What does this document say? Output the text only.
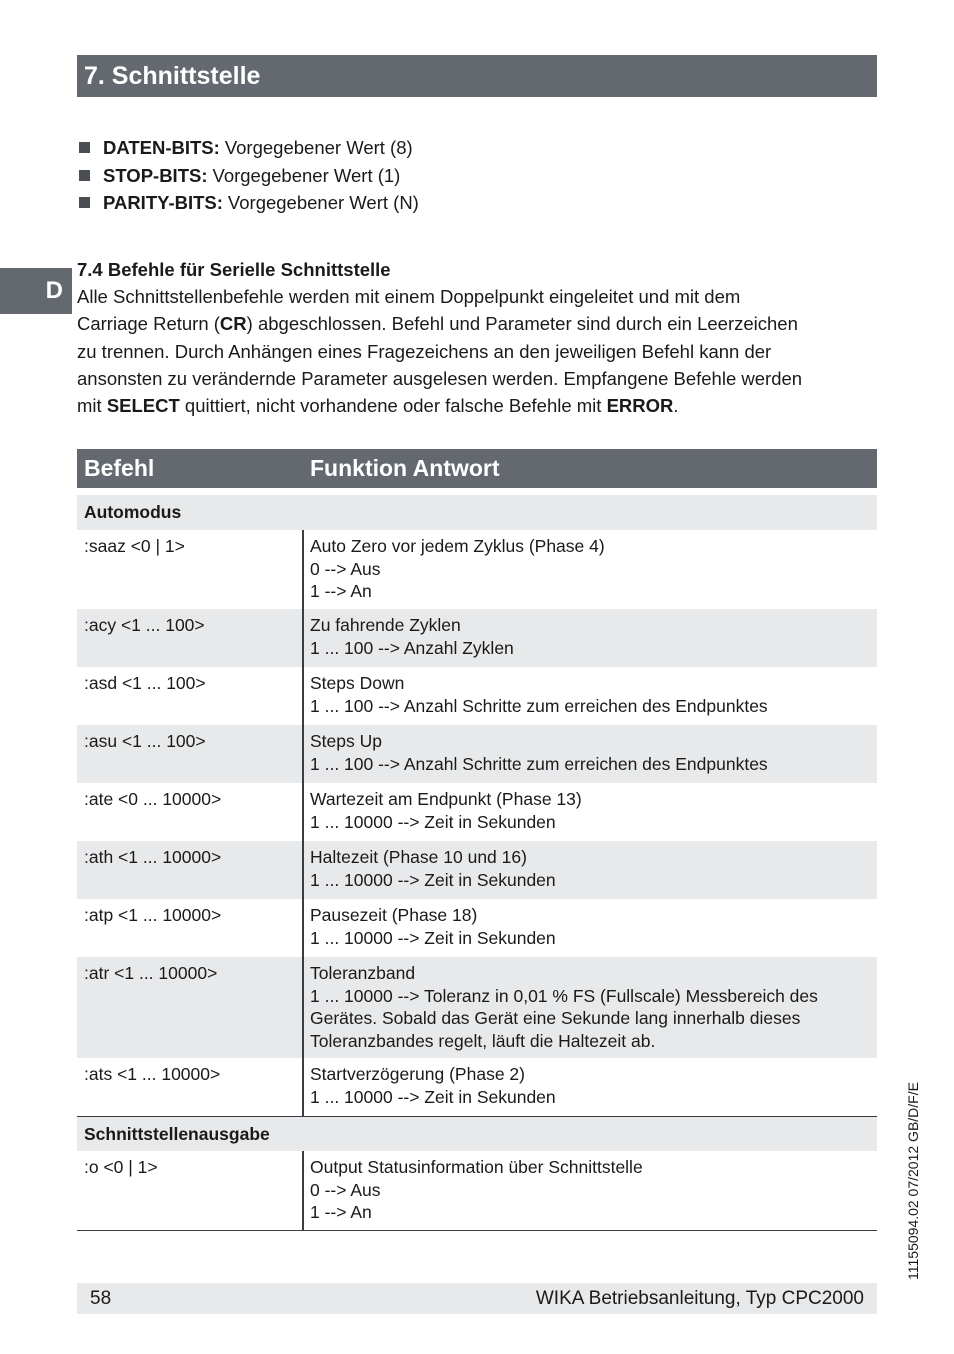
7. Schnittstelle
DATEN-BITS: Vorgegebener Wert (8)
STOP-BITS: Vorgegebener Wert (1)
PARITY-BITS: Vorgegebener Wert (N)
D
7.4 Befehle für Serielle Schnittstelle
Alle Schnittstellenbefehle werden mit einem Doppelpunkt eingeleitet und mit dem
Carriage Return (CR) abgeschlossen. Befehl und Parameter sind durch ein Leerzeichen
zu trennen. Durch Anhängen eines Fragezeichens an den jeweiligen Befehl kann der
ansonsten zu verändernde Parameter ausgelesen werden. Empfangene Befehle werden
mit SELECT quittiert, nicht vorhandene oder falsche Befehle mit ERROR.
Befehl	Funktion Antwort
Automodus
:saaz <0 | 1>	Auto Zero vor jedem Zyklus (Phase 4)
0 --> Aus
1 --> An
:acy <1 ... 100>	Zu fahrende Zyklen
1 ... 100 --> Anzahl Zyklen
:asd <1 ... 100>	Steps Down
1 ... 100 --> Anzahl Schritte zum erreichen des Endpunktes
:asu <1 ... 100>	Steps Up
1 ... 100 --> Anzahl Schritte zum erreichen des Endpunktes
:ate <0 ... 10000>	Wartezeit am Endpunkt (Phase 13)
1 ... 10000 --> Zeit in Sekunden
:ath <1 ... 10000>	Haltezeit (Phase 10 und 16)
1 ... 10000 --> Zeit in Sekunden
:atp <1 ... 10000>	Pausezeit (Phase 18)
1 ... 10000 --> Zeit in Sekunden
:atr <1 ... 10000>	Toleranzband
1 ... 10000 --> Toleranz in 0,01 % FS (Fullscale) Messbereich des
Gerätes. Sobald das Gerät eine Sekunde lang innerhalb dieses
Toleranzbandes regelt, läuft die Haltezeit ab.
:ats <1 ... 10000>	Startverzögerung (Phase 2)
1 ... 10000 --> Zeit in Sekunden
Schnittstellenausgabe
:o <0 | 1>	Output Statusinformation über Schnittstelle
0 --> Aus
1 --> An
58	WIKA Betriebsanleitung, Typ CPC2000
11155094.02 07/2012 GB/D/F/E
